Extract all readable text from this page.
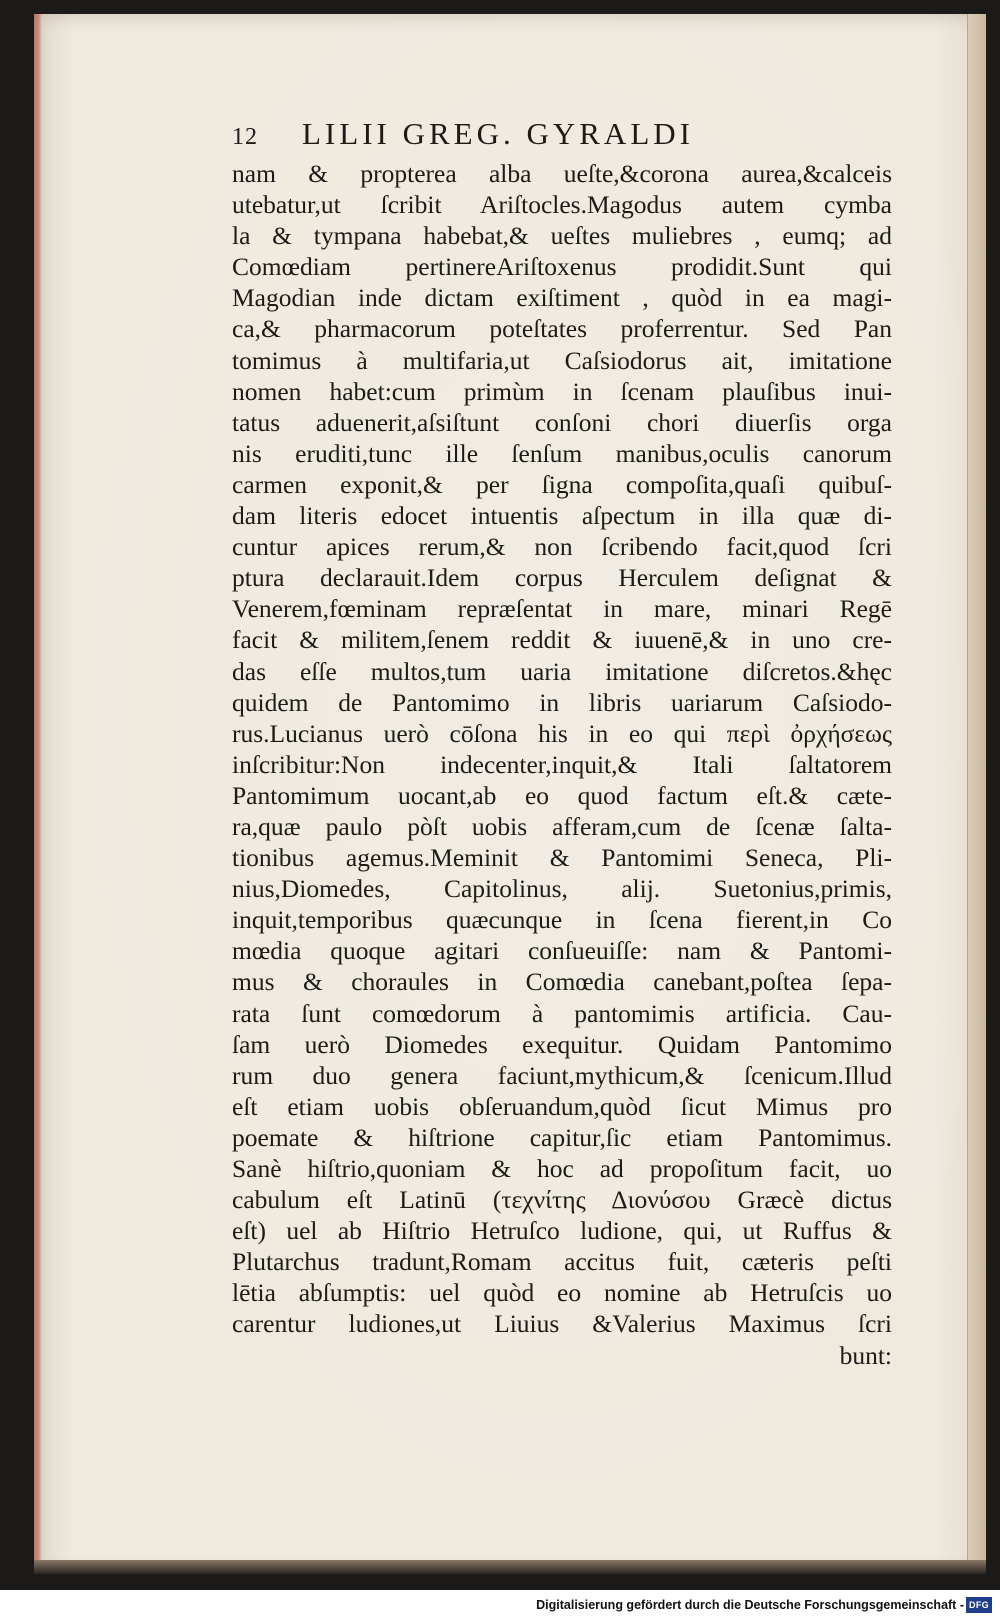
12	LILII GREG. GYRALDI
nam & propterea alba ueſte,&corona aurea,&calceis
utebatur,ut ſcribit Ariſtocles.Magodus autem cymba
la & tympana habebat,& ueſtes muliebres , eumq; ad
Comœdiam pertinereAriſtoxenus prodidit.Sunt qui
Magodian inde dictam exiſtiment , quòd in ea magi-
ca,& pharmacorum poteſtates proferrentur. Sed Pan
tomimus à multifaria,ut Caſsiodorus ait, imitatione
nomen habet:cum primùm in ſcenam plauſibus inui-
tatus aduenerit,aſsiſtunt conſoni chori diuerſis orga
nis eruditi,tunc ille ſenſum manibus,oculis canorum
carmen exponit,& per ſigna compoſita,quaſi quibuſ-
dam literis edocet intuentis aſpectum in illa quæ di-
cuntur apices rerum,& non ſcribendo facit,quod ſcri
ptura declarauit.Idem corpus Herculem deſignat &
Venerem,fœminam repræſentat in mare, minari Regē
facit & militem,ſenem reddit & iuuenē,& in uno cre-
das eſſe multos,tum uaria imitatione diſcretos.&hęc
quidem de Pantomimo in libris uariarum Caſsiodo-
rus.Lucianus uerò cōſona his in eo qui περὶ ὀρχήσεως
inſcribitur:Non indecenter,inquit,& Itali ſaltatorem
Pantomimum uocant,ab eo quod factum eſt.& cæte-
ra,quæ paulo pòſt uobis afferam,cum de ſcenæ ſalta-
tionibus agemus.Meminit & Pantomimi Seneca, Pli-
nius,Diomedes, Capitolinus, alij. Suetonius,primis,
inquit,temporibus quæcunque in ſcena fierent,in Co
mœdia quoque agitari conſueuiſſe: nam & Pantomi-
mus & choraules in Comœdia canebant,poſtea ſepa-
rata ſunt comœdorum à pantomimis artificia. Cau-
ſam uerò Diomedes exequitur. Quidam Pantomimo
rum duo genera faciunt,mythicum,& ſcenicum.Illud
eſt etiam uobis obſeruandum,quòd ſicut Mimus pro
poemate & hiſtrione capitur,ſic etiam Pantomimus.
Sanè hiſtrio,quoniam & hoc ad propoſitum facit, uo
cabulum eſt Latinū (τεχνίτης Διονύσου Græcè dictus
eſt) uel ab Hiſtrio Hetruſco ludione, qui, ut Ruffus &
Plutarchus tradunt,Romam accitus fuit, cæteris peſti
lētia abſumptis: uel quòd eo nomine ab Hetruſcis uo
carentur ludiones,ut Liuius &Valerius Maximus ſcri
bunt:
Digitalisierung gefördert durch die Deutsche Forschungsgemeinschaft - DFG
